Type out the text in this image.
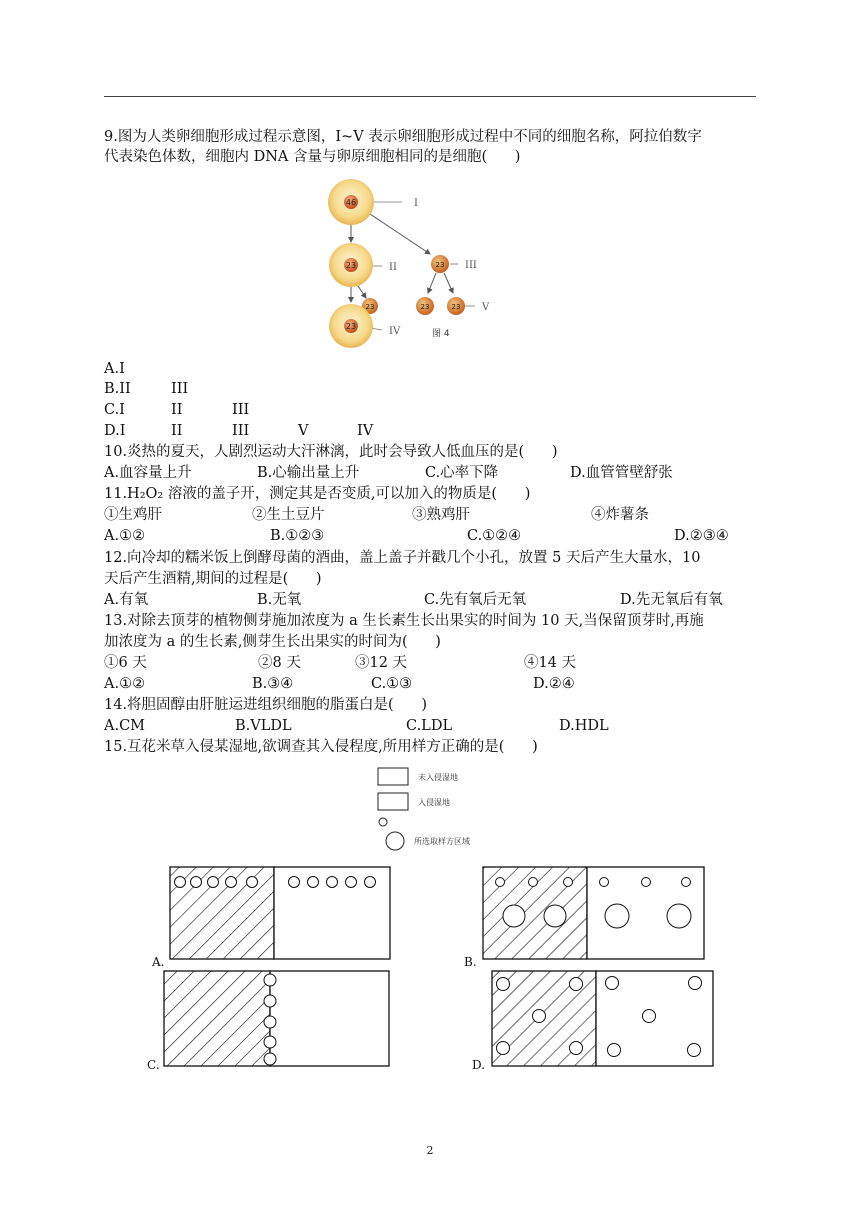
9.图为人类卵细胞形成过程示意图，I~V 表示卵细胞形成过程中不同的细胞名称，阿拉伯数字
代表染色体数，细胞内 DNA 含量与卵原细胞相同的是细胞(      )
46
23	23
23
23
23	23
I
II	III
IV
V
图 4
A.I
B.II	III
C.I	II	III
D.I	II	III	V	IV
10.炎热的夏天，人剧烈运动大汗淋漓，此时会导致人低血压的是(      )
A.血容量上升	B.心输出量上升	C.心率下降	D.血管管壁舒张
11.H₂O₂ 溶液的盖子开，测定其是否变质,可以加入的物质是(      )
①生鸡肝	②生土豆片	③熟鸡肝	④炸薯条
A.①②	B.①②③	C.①②④	D.②③④
12.向冷却的糯米饭上倒酵母菌的酒曲，盖上盖子并戳几个小孔，放置 5 天后产生大量水，10
天后产生酒精,期间的过程是(      )
A.有氧	B.无氧	C.先有氧后无氧	D.先无氧后有氧
13.对除去顶芽的植物侧芽施加浓度为 a 生长素生长出果实的时间为 10 天,当保留顶芽时,再施
加浓度为 a 的生长素,侧芽生长出果实的时间为(      )
①6 天	②8 天	③12 天	④14 天
A.①②	B.③④	C.①③	D.②④
14.将胆固醇由肝脏运进组织细胞的脂蛋白是(      )
A.CM	B.VLDL	C.LDL	D.HDL
15.互花米草入侵某湿地,欲调查其入侵程度,所用样方正确的是(      )
未入侵湿地
入侵湿地
所选取样方区域
A.	B.
C.	D.
2
